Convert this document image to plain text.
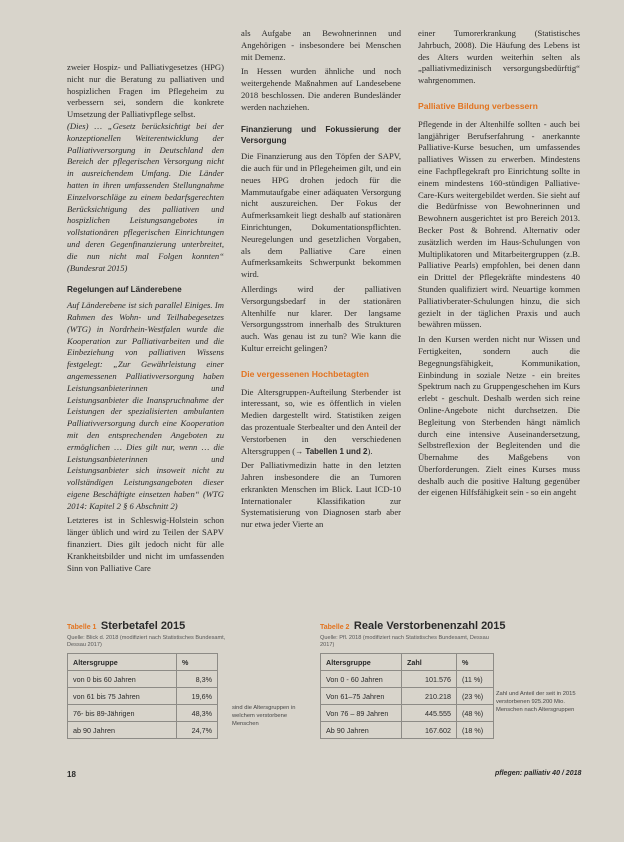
zweier Hospiz- und Palliativgesetzes (HPG) nicht nur die Beratung zu palliativen und hospizlichen Fragen im Pflegeheim zu verbessern sei, sondern die konkrete Umsetzung der Palliativpflege selbst.

(Dies) … „Gesetz berücksichtigt bei der konzeptionellen Weiterentwicklung der Palliativversorgung in Deutschland den Bereich der pflegerischen Versorgung nicht in ausreichendem Umfang. Die Länder hatten in ihren umfassenden Stellungnahme Einzelvorschläge zu einem bedarfsgerechten Berücksichtigung des palliativen und hospizlichen Leistungsangebotes in vollstationären pflegerischen Einrichtungen und deren Gegenfinanzierung unterbreitet, die nun nicht mal Folgen konnten“ (Bundesrat 2015)

Regelungen auf Länderebene

Auf Länderebene ist sich parallel Einiges. Im Rahmen des Wohn- und Teilhabegesetzes (WTG) in Nordrhein-Westfalen wurde die Kooperation zur Palliativarbeiten und die Einbeziehung von palliativen Wissens festgelegt: „Zur Gewährleistung einer angemessenen Palliativversorgung haben Leistungsanbieterinnen und Leistungsanbieter die Inanspruchnahme der Leistungen der spezialisierten ambulanten Palliativversorgung durch eine Kooperation mit den entsprechenden Angeboten zu ermöglichen … Dies gilt nur, wenn … die Leistungsanbieterinnen und Leistungsanbieter sich insoweit nicht zu vollständigen Leistungsangeboten dieser eigene Beschäftigte einsetzen haben“ (WTG 2014: Kapitel 2 § 6 Abschnitt 2)

Letzteres ist in Schleswig-Holstein schon länger üblich und wird zu Teilen der SAPV finanziert. Dies gilt jedoch nicht für alle Krankheitsbilder und nicht im umfassenden Sinn von Palliative Care

als Aufgabe an Bewohnerinnen und Angehörigen - insbesondere bei Menschen mit Demenz.

In Hessen wurden ähnliche und noch weitergehende Maßnahmen auf Landesebene 2018 beschlossen. Die anderen Bundesländer werden nachziehen.

Finanzierung und Fokussierung der Versorgung

Die Finanzierung aus den Töpfen der SAPV, die auch für und in Pflegeheimen gilt, und ein neues HPG drohen jedoch für die Mammutaufgabe einer adäquaten Versorgung nicht auszureichen. Der Fokus der Aufmerksamkeit liegt deshalb auf stationären Einrichtungen, Dokumentationspflichten. Neuregelungen und gesetzlichen Vorgaben, als dem Palliative Care einen Aufmerksamkeits Schwerpunkt bekommen wird.

Allerdings wird der palliativen Versorgungsbedarf in der stationären Altenhilfe nur klarer. Der langsame Versorgungsstrom innerhalb des Strukturen auch. Was genau ist zu tun? Wie kann die Kultur erreicht gelingen?

Die vergessenen Hochbetagten

Die Altersgruppen-Aufteilung Sterbender ist interessant, so, wie es öffentlich in vielen Medien dargestellt wird. Statistiken zeigen das prozentuale Sterbealter und den Anteil der Verstorbenen in den verschiedenen Altersgruppen (→ Tabellen 1 und 2).

Der Palliativmedizin hatte in den letzten Jahren insbesondere die an Tumoren erkrankten Menschen im Blick. Laut ICD-10 Internationaler Klassifikation zur Systematisierung von Diagnosen starb aber nur etwa jeder Vierte an

einer Tumorerkrankung (Statistisches Jahrbuch, 2008). Die Häufung des Lebens ist des Alters wurden weiterhin selten als „palliativmedizinisch versorgungsbedürftig“ wahrgenommen.

Palliative Bildung verbessern

Pflegende in der Altenhilfe sollten - auch bei langjähriger Berufserfahrung - anerkannte Palliative-Kurse besuchen, um umfassendes palliatives Wissen zu erwerben. Mindestens eine Fachpflegekraft pro Einrichtung sollte in einem mindestens 160-stündigen Palliative-Care-Kurs weitergebildet werden. Sie sieht auf die Bedürfnisse von Bewohnerinnen und Bewohnern ausgerichtet ist pro Bereich 2013. Becker Post & Bohrend. Alternativ oder zusätzlich werden im Haus-Schulungen von Multiplikatoren und Mitarbeitergruppen (z.B. Palliative Pearls) empfohlen, bei denen dann ein Drittel der Pflegekräfte mindestens 40 Stunden qualifiziert wird. Neuartige kommen Palliativberater-Schulungen hinzu, die sich gezielt in der täglichen Praxis und auch bewähren müssen.

In den Kursen werden nicht nur Wissen und Fertigkeiten, sondern auch die Begegnungsfähigkeit, Kommunikation, Einbindung in soziale Netze - ein breites Spektrum nach zu Gruppengeschehen im Kurs erlebt - geschult. Deshalb werden sich reine Online-Angebote nicht durchsetzen. Die Begleitung von Sterbenden hängt nämlich durch eine intensive Auseinandersetzung, Selbstreflexion der Begleitenden und die Übernahme des Maßgebens von Überforderungen. Zielt eines Kurses muss deshalb auch die positive Haltung gegenüber der eigenen Hilfsfähigkeit sein - so ein angeht

Tabelle 1 Sterbetafel 2015
Quelle: Blick d. 2018 (modifiziert nach Statistisches Bundesamt, Dessau 2017)
Altersgruppe	%
von 0 bis 60 Jahren	8,3%
von 61 bis 75 Jahren	19,6%
76- bis 89-Jährigen	48,3%
ab 90 Jahren	24,7%
sind die Altersgruppen in welchem verstorbene Menschen
Tabelle 2 Reale Verstorbenenzahl 2015
Quelle: Pfl. 2018 (modifiziert nach Statistisches Bundesamt, Dessau 2017)
Altersgruppe	Zahl	%
Von 0 - 60 Jahren	101.576	(11 %)
Von 61–75 Jahren	210.218	(23 %)
Von 76 – 89 Jahren	445.555	(48 %)
Ab 90 Jahren	167.602	(18 %)
Zahl und Anteil der seit in 2015 verstorbenen 925.200 Mio. Menschen nach Altersgruppen
18	pflegen: palliativ 40 / 2018
